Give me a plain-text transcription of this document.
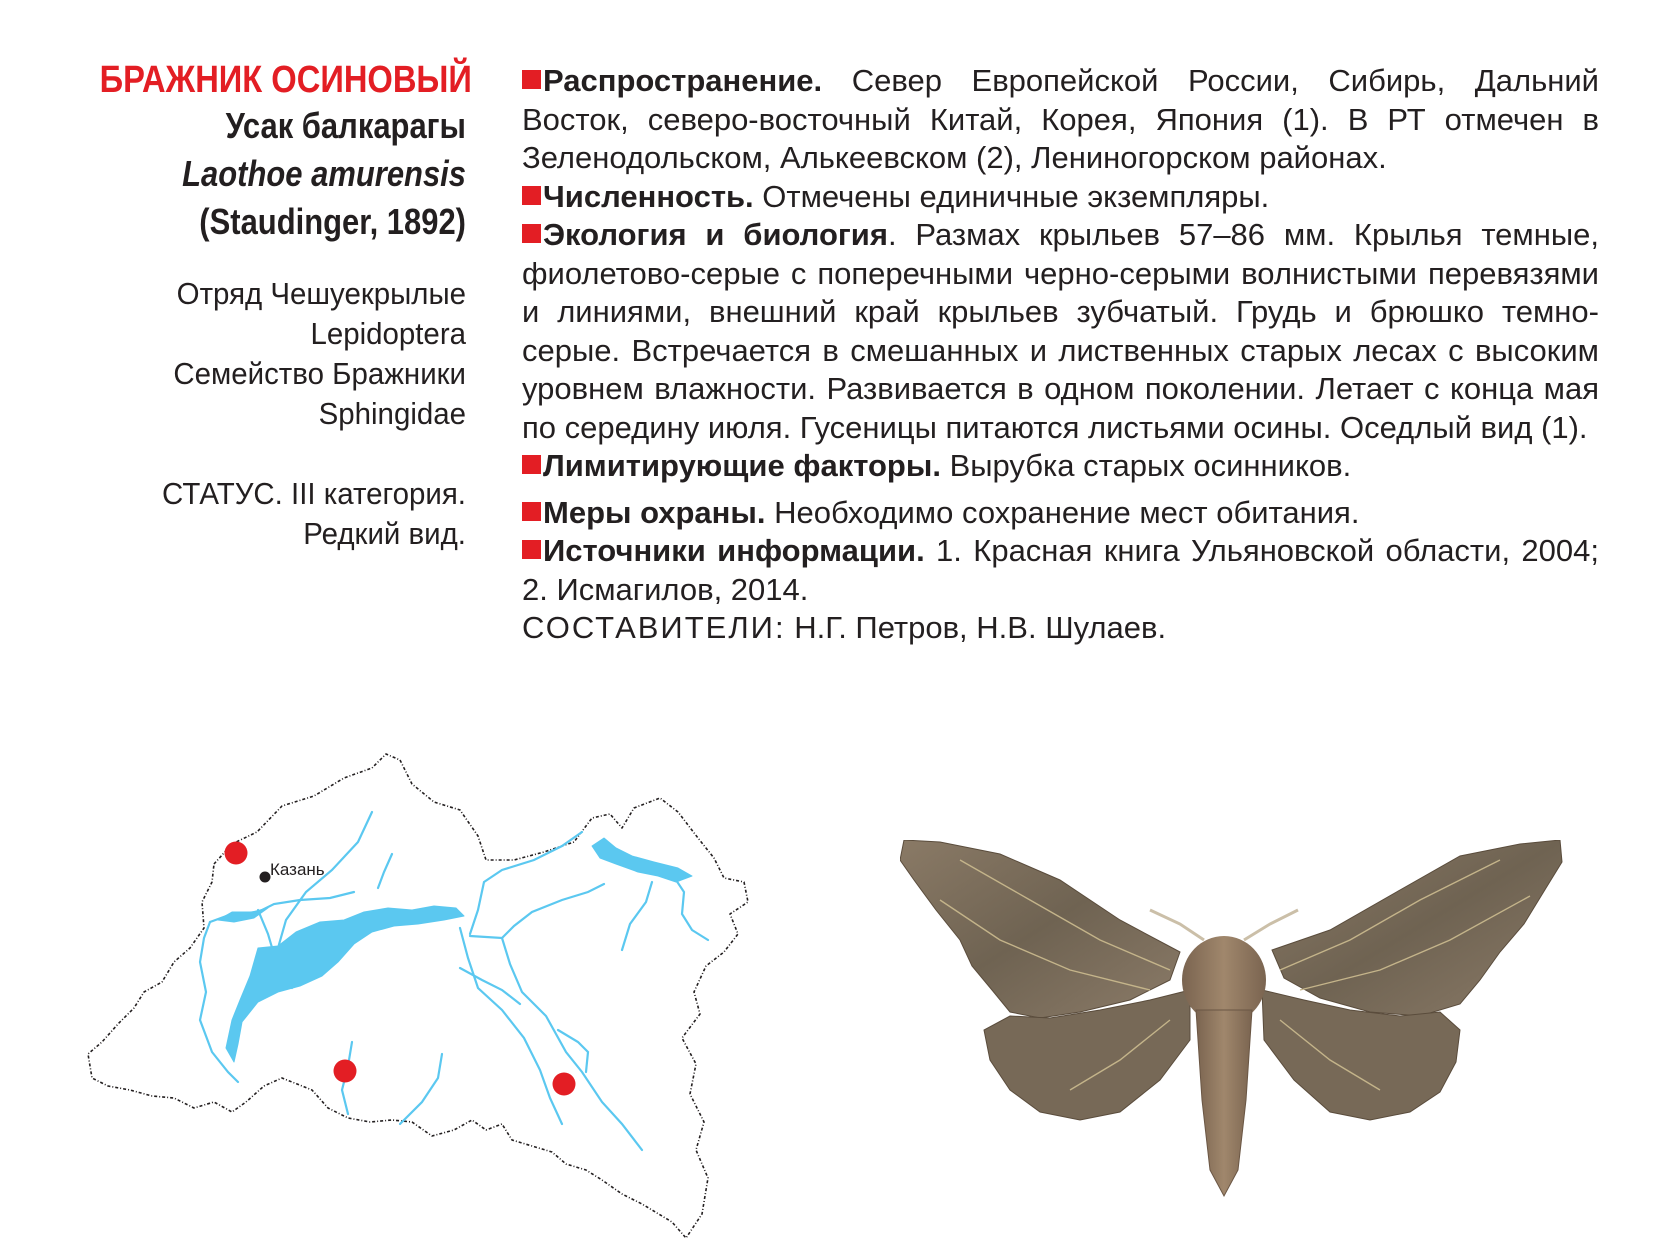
БРАЖНИК ОСИНОВЫЙ
Усак балкарагы
Laothoe amurensis
(Staudinger, 1892)
Отряд Чешуекрылые
Lepidoptera
Семейство Бражники
Sphingidae
СТАТУС. III категория.
Редкий вид.

Распространение. Север Европейской России, Сибирь, Дальний Восток, северо-восточный Китай, Корея, Япония (1). В РТ отмечен в Зеленодольском, Алькеевском (2), Лениногорском районах.

Численность. Отмечены единичные экземпляры.

Экология и биология. Размах крыльев 57–86 мм. Крылья темные, фиолетово-серые с поперечными черно-серыми волнистыми перевязями и линиями, внешний край крыльев зубчатый. Грудь и брюшко темно-серые. Встречается в смешанных и лиственных старых лесах с высоким уровнем влажности. Развивается в одном поколении. Летает с конца мая по середину июля. Гусеницы питаются листьями осины. Оседлый вид (1).

Лимитирующие факторы. Вырубка старых осинников.

Меры охраны. Необходимо сохранение мест обитания.

Источники информации. 1. Красная книга Ульяновской области, 2004; 2. Исмагилов, 2014.

СОСТАВИТЕЛИ: Н.Г. Петров, Н.В. Шулаев.

Казань
